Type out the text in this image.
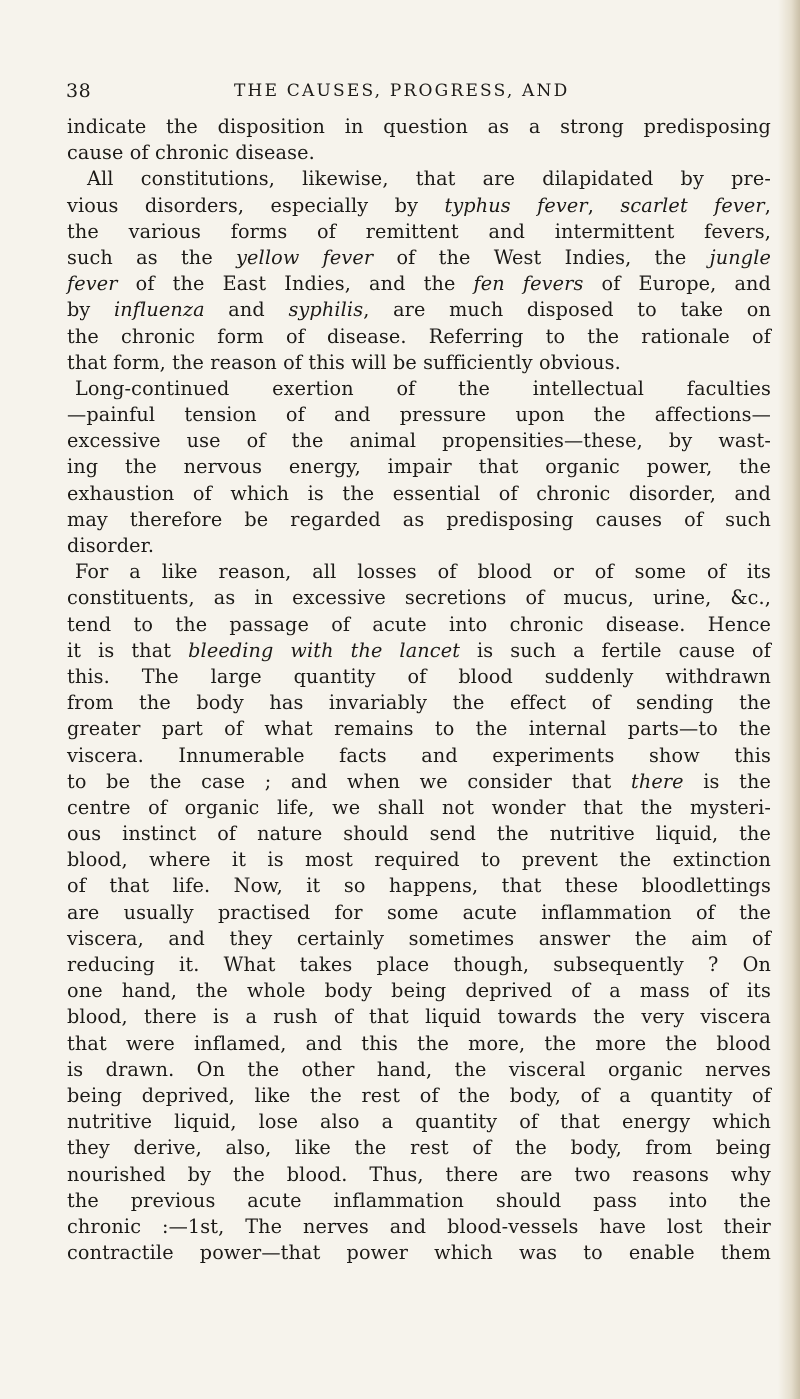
38	THE CAUSES, PROGRESS, AND
indicate the disposition in question as a strong predisposing
cause of chronic disease.
All constitutions, likewise, that are dilapidated by pre-
vious disorders, especially by typhus fever, scarlet fever,
the various forms of remittent and intermittent fevers,
such as the yellow fever of the West Indies, the jungle
fever of the East Indies, and the fen fevers of Europe, and
by influenza and syphilis, are much disposed to take on
the chronic form of disease. Referring to the rationale of
that form, the reason of this will be sufficiently obvious.
Long-continued exertion of the intellectual faculties
—painful tension of and pressure upon the affections—
excessive use of the animal propensities—these, by wast-
ing the nervous energy, impair that organic power, the
exhaustion of which is the essential of chronic disorder, and
may therefore be regarded as predisposing causes of such
disorder.
For a like reason, all losses of blood or of some of its
constituents, as in excessive secretions of mucus, urine, &c.,
tend to the passage of acute into chronic disease. Hence
it is that bleeding with the lancet is such a fertile cause of
this. The large quantity of blood suddenly withdrawn
from the body has invariably the effect of sending the
greater part of what remains to the internal parts—to the
viscera. Innumerable facts and experiments show this
to be the case ; and when we consider that there is the
centre of organic life, we shall not wonder that the mysteri-
ous instinct of nature should send the nutritive liquid, the
blood, where it is most required to prevent the extinction
of that life. Now, it so happens, that these bloodlettings
are usually practised for some acute inflammation of the
viscera, and they certainly sometimes answer the aim of
reducing it. What takes place though, subsequently ? On
one hand, the whole body being deprived of a mass of its
blood, there is a rush of that liquid towards the very viscera
that were inflamed, and this the more, the more the blood
is drawn. On the other hand, the visceral organic nerves
being deprived, like the rest of the body, of a quantity of
nutritive liquid, lose also a quantity of that energy which
they derive, also, like the rest of the body, from being
nourished by the blood. Thus, there are two reasons why
the previous acute inflammation should pass into the
chronic :—1st, The nerves and blood-vessels have lost their
contractile power—that power which was to enable them
